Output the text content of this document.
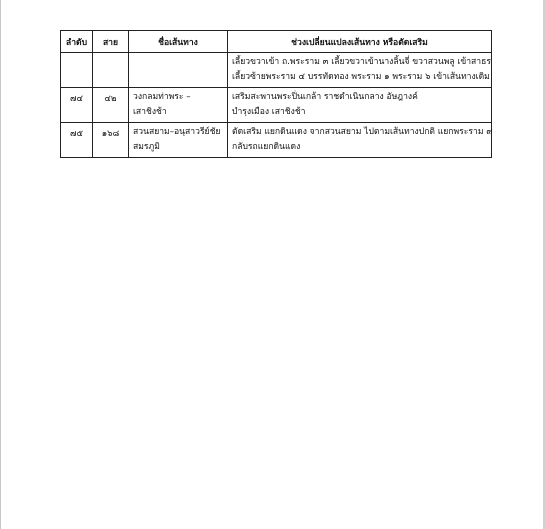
ลำดับ	สาย	ชื่อเส้นทาง	ช่วงเปลี่ยนแปลงเส้นทาง หรือตัดเสริม

			เลี้ยวขวาเข้า ถ.พระราม ๓ เลี้ยวขวาเข้านางลิ้นจี่ ขวาสวนพลู เข้าสาธร
เลี้ยวซ้ายพระราม ๔ บรรทัดทอง พระราม ๑ พระราม ๖ เข้าเส้นทางเดิม

๗๔	๔๒	วงกลมท่าพระ –
เสาชิงช้า	เสริมสะพานพระปิ่นเกล้า ราชดำเนินกลาง อัษฎางค์
บำรุงเมือง เสาชิงช้า

๗๕	๑๖๘	สวนสยาม–อนุสาวรีย์ชัย
สมรภูมิ	ตัดเสริม แยกดินแดง จากสวนสยาม ไปตามเส้นทางปกติ แยกพระราม ๙
กลับรถแยกดินแดง
